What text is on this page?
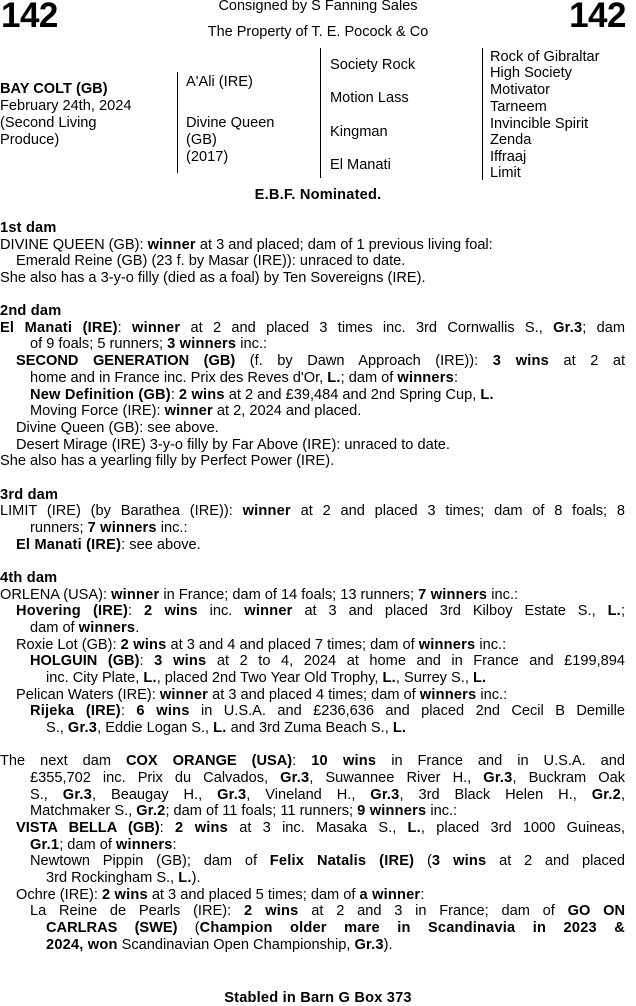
142	142
Consigned by S Fanning Sales
The Property of T. E. Pocock & Co
BAY COLT (GB)
February 24th, 2024
(Second Living
Produce)
A'Ali (IRE)
Divine Queen
(GB)
(2017)
Society Rock
Motion Lass
Kingman
El Manati
Rock of Gibraltar
High Society
Motivator
Tarneem
Invincible Spirit
Zenda
Iffraaj
Limit
E.B.F. Nominated.
1st dam
DIVINE QUEEN (GB): winner at 3 and placed; dam of 1 previous living foal:
Emerald Reine (GB) (23 f. by Masar (IRE)): unraced to date.
She also has a 3-y-o filly (died as a foal) by Ten Sovereigns (IRE).
2nd dam
El Manati (IRE): winner at 2 and placed 3 times inc. 3rd Cornwallis S., Gr.3; dam
of 9 foals; 5 runners; 3 winners inc.:
SECOND GENERATION (GB) (f. by Dawn Approach (IRE)): 3 wins at 2 at
home and in France inc. Prix des Reves d'Or, L.; dam of winners:
New Definition (GB): 2 wins at 2 and £39,484 and 2nd Spring Cup, L.
Moving Force (IRE): winner at 2, 2024 and placed.
Divine Queen (GB): see above.
Desert Mirage (IRE) 3-y-o filly by Far Above (IRE): unraced to date.
She also has a yearling filly by Perfect Power (IRE).
3rd dam
LIMIT (IRE) (by Barathea (IRE)): winner at 2 and placed 3 times; dam of 8 foals; 8
runners; 7 winners inc.:
El Manati (IRE): see above.
4th dam
ORLENA (USA): winner in France; dam of 14 foals; 13 runners; 7 winners inc.:
Hovering (IRE): 2 wins inc. winner at 3 and placed 3rd Kilboy Estate S., L.;
dam of winners.
Roxie Lot (GB): 2 wins at 3 and 4 and placed 7 times; dam of winners inc.:
HOLGUIN (GB): 3 wins at 2 to 4, 2024 at home and in France and £199,894
inc. City Plate, L., placed 2nd Two Year Old Trophy, L., Surrey S., L.
Pelican Waters (IRE): winner at 3 and placed 4 times; dam of winners inc.:
Rijeka (IRE): 6 wins in U.S.A. and £236,636 and placed 2nd Cecil B Demille
S., Gr.3, Eddie Logan S., L. and 3rd Zuma Beach S., L.
The next dam COX ORANGE (USA): 10 wins in France and in U.S.A. and
£355,702 inc. Prix du Calvados, Gr.3, Suwannee River H., Gr.3, Buckram Oak
S., Gr.3, Beaugay H., Gr.3, Vineland H., Gr.3, 3rd Black Helen H., Gr.2,
Matchmaker S., Gr.2; dam of 11 foals; 11 runners; 9 winners inc.:
VISTA BELLA (GB): 2 wins at 3 inc. Masaka S., L., placed 3rd 1000 Guineas,
Gr.1; dam of winners:
Newtown Pippin (GB); dam of Felix Natalis (IRE) (3 wins at 2 and placed
3rd Rockingham S., L.).
Ochre (IRE): 2 wins at 3 and placed 5 times; dam of a winner:
La Reine de Pearls (IRE): 2 wins at 2 and 3 in France; dam of GO ON
CARLRAS (SWE) (Champion older mare in Scandinavia in 2023 &
2024, won Scandinavian Open Championship, Gr.3).
Stabled in Barn G Box 373
